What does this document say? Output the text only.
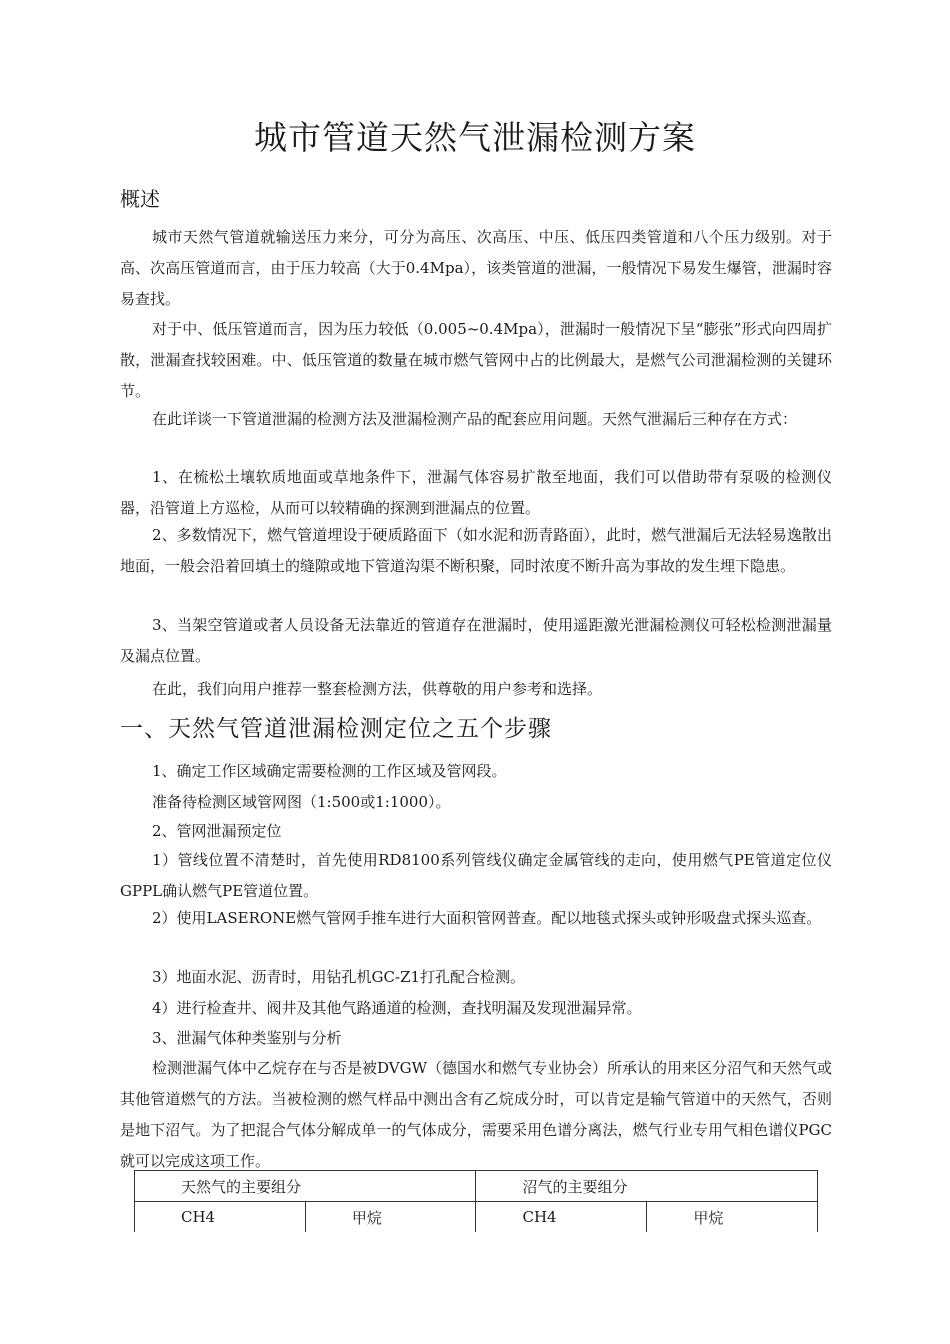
城市管道天然气泄漏检测方案
概述

城市天然气管道就输送压力来分，可分为高压、次高压、中压、低压四类管道和八个压力级别。对于高、次高压管道而言，由于压力较高（大于0.4Mpa），该类管道的泄漏，一般情况下易发生爆管，泄漏时容易查找。

对于中、低压管道而言，因为压力较低（0.005~0.4Mpa），泄漏时一般情况下呈“膨张”形式向四周扩散，泄漏查找较困难。中、低压管道的数量在城市燃气管网中占的比例最大，是燃气公司泄漏检测的关键环节。

在此详谈一下管道泄漏的检测方法及泄漏检测产品的配套应用问题。天然气泄漏后三种存在方式：

1、在梳松土壤软质地面或草地条件下，泄漏气体容易扩散至地面，我们可以借助带有泵吸的检测仪器，沿管道上方巡检，从而可以较精确的探测到泄漏点的位置。

2、多数情况下，燃气管道埋设于硬质路面下（如水泥和沥青路面），此时，燃气泄漏后无法轻易逸散出地面，一般会沿着回填土的缝隙或地下管道沟渠不断积聚，同时浓度不断升高为事故的发生埋下隐患。

3、当架空管道或者人员设备无法靠近的管道存在泄漏时，使用遥距激光泄漏检测仪可轻松检测泄漏量及漏点位置。

在此，我们向用户推荐一整套检测方法，供尊敬的用户参考和选择。

一、天然气管道泄漏检测定位之五个步骤

1、确定工作区域确定需要检测的工作区域及管网段。

准备待检测区域管网图（1:500或1:1000）。

2、管网泄漏预定位

1）管线位置不清楚时，首先使用RD8100系列管线仪确定金属管线的走向，使用燃气PE管道定位仪GPPL确认燃气PE管道位置。

2）使用LASERONE燃气管网手推车进行大面积管网普查。配以地毯式探头或钟形吸盘式探头巡查。

3）地面水泥、沥青时，用钻孔机GC-Z1打孔配合检测。

4）进行检查井、阀井及其他气路通道的检测，查找明漏及发现泄漏异常。

3、泄漏气体种类鉴别与分析

检测泄漏气体中乙烷存在与否是被DVGW（德国水和燃气专业协会）所承认的用来区分沼气和天然气或其他管道燃气的方法。当被检测的燃气样品中测出含有乙烷成分时，可以肯定是输气管道中的天然气，否则是地下沼气。为了把混合气体分解成单一的气体成分，需要采用色谱分离法，燃气行业专用气相色谱仪PGC就可以完成这项工作。

天然气的主要组分		沼气的主要组分	
CH4	甲烷	CH4	甲烷
